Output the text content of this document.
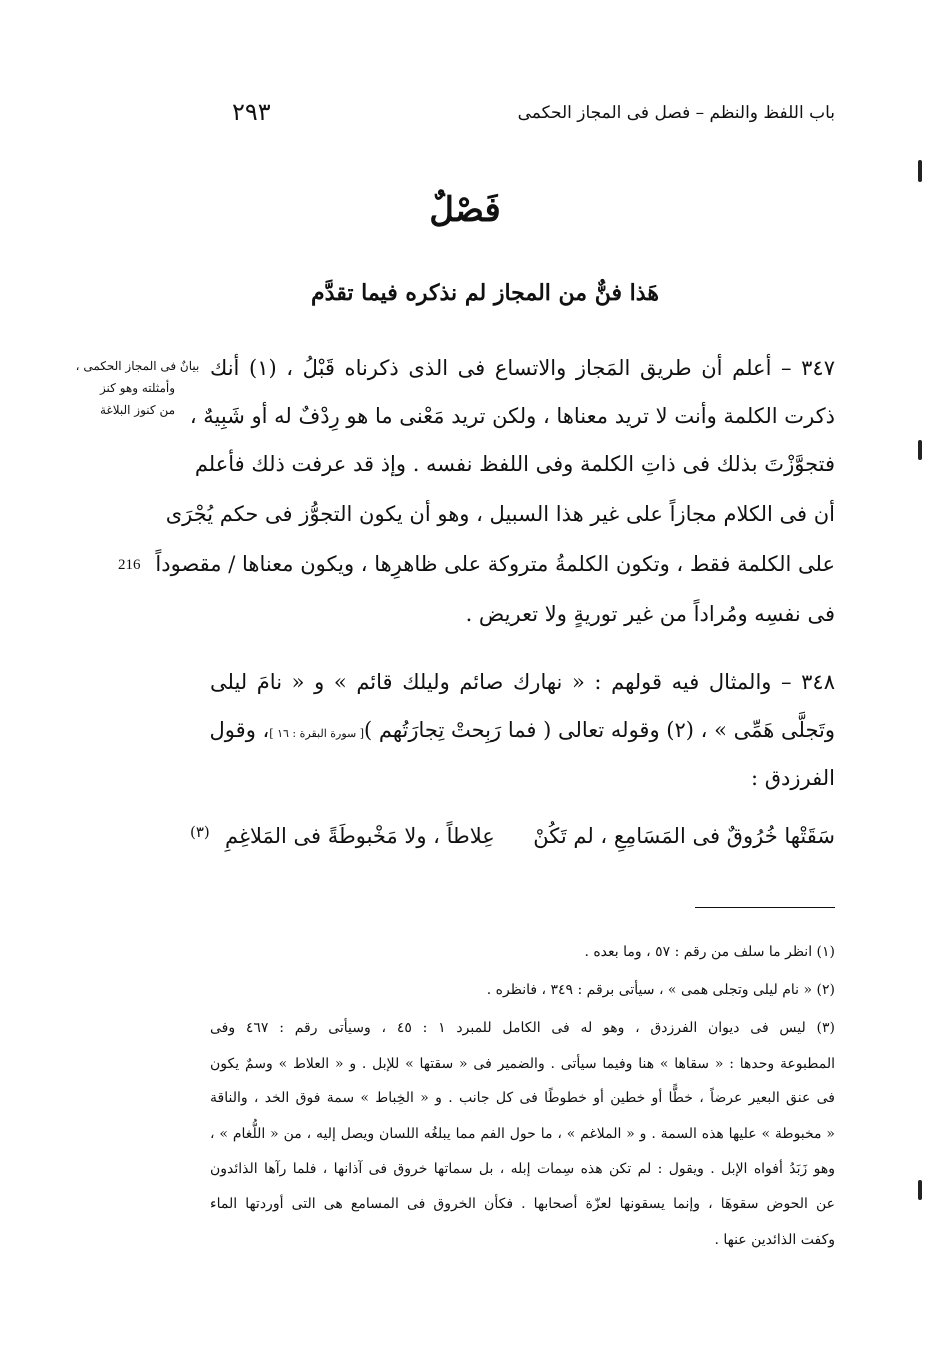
باب اللفظ والنظم – فصل فى المجاز الحكمى
٢٩٣
فَصْلٌ
هَذا فنٌّ من المجاز لم نذكره فيما تقدَّم
بيانٌ فى المجاز الحكمى ،
وأمثلته وهو كنز
من كنوز البلاغة
216
٣٤٧ – أعلم أن طريق المَجاز والاتساع فى الذى ذكرناه قَبْلُ ، (١) أنك
ذكرت الكلمة وأنت لا تريد معناها ، ولكن تريد مَعْنى ما هو رِدْفٌ له أو شَبِيهٌ ،
فتجوَّزْتَ بذلك فى ذاتِ الكلمة وفى اللفظ نفسه . وإذ قد عرفت ذلك فأعلم
أن فى الكلام مجازاً على غير هذا السبيل ، وهو أن يكون التجوُّز فى حكم يُجْرَى
على الكلمة فقط ، وتكون الكلمةُ متروكة على ظاهرِها ، ويكون معناها / مقصوداً
فى نفسِه ومُراداً من غير توريةٍ ولا تعريض .
٣٤٨ – والمثال فيه قولهم : « نهارك صائم وليلك قائم » و « نامَ ليلى
وتَجلَّى هَمِّى » ، (٢) وقوله تعالى ( فما رَبِحتْ تِجارَتُهم )
[ سورة البقرة : ١٦ ]
، وقول
الفرزدق :
سَقَتْها خُرُوقٌ فى المَسَامِعِ ، لم تَكُنْ
عِلاطاً ، ولا مَخْبوطَةً فى المَلاغِمِ
(٣)
(١) انظر ما سلف من رقم : ٥٧ ، وما بعده .
(٢) « نام ليلى وتجلى همى » ، سيأتى برقم : ٣٤٩ ، فانظره .
(٣) ليس فى ديوان الفرزدق ، وهو له فى الكامل للمبرد ١ : ٤٥ ، وسيأتى رقم : ٤٦٧ وفى
المطبوعة وحدها : « سقاها » هنا وفيما سيأتى . والضمير فى « سقتها » للإبل . و « العلاط » وسمٌ يكون
فى عنق البعير عرضاً ، خطًّا أو خطين أو خطوطًا فى كل جانب . و « الخِباط » سمة فوق الخد ، والناقة
« مخبوطة » عليها هذه السمة . و « الملاغم » ، ما حول الفم مما يبلغُه اللسان ويصل إليه ، من « اللُّغام » ،
وهو زَبَدُ أفواه الإبل . ويقول : لم تكن هذه سِمات إبله ، بل سماتها خروق فى آذانها ، فلما رآها الذائدون
عن الحوض سقوهَا ، وإنما يسقونها لعزّة أصحابها . فكأن الخروق فى المسامع هى التى أوردتها الماء
وكفت الذائدين عنها .
